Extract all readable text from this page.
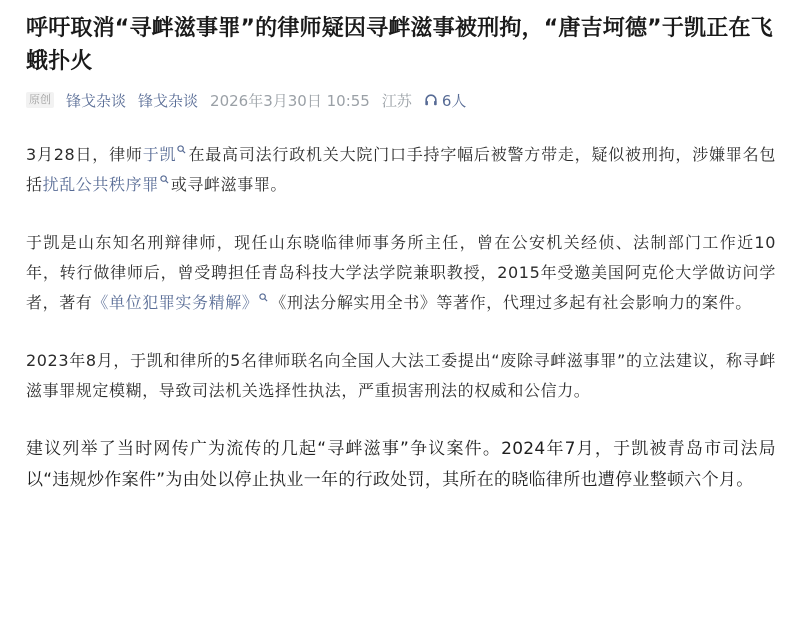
呼吁取消“寻衅滋事罪”的律师疑因寻衅滋事被刑拘，“唐吉坷德”于凯正在飞蛾扑火
原创 锋戈杂谈 锋戈杂谈 2026年3月30日 10:55 江苏 6人

3月28日，律师于凯 在最高司法行政机关大院门口手持字幅后被警方带走，疑似被刑拘，涉嫌罪名包括扰乱公共秩序罪 或寻衅滋事罪。

于凯是山东知名刑辩律师，现任山东晓临律师事务所主任，曾在公安机关经侦、法制部门工作近10年，转行做律师后，曾受聘担任青岛科技大学法学院兼职教授，2015年受邀美国阿克伦大学做访问学者，著有《单位犯罪实务精解》 《刑法分解实用全书》等著作，代理过多起有社会影响力的案件。

2023年8月，于凯和律所的5名律师联名向全国人大法工委提出“废除寻衅滋事罪”的立法建议，称寻衅滋事罪规定模糊，导致司法机关选择性执法，严重损害刑法的权威和公信力。

建议列举了当时网传广为流传的几起“寻衅滋事”争议案件。2024年7月，于凯被青岛市司法局以“违规炒作案件”为由处以停止执业一年的行政处罚，其所在的晓临律所也遭停业整顿六个月。
